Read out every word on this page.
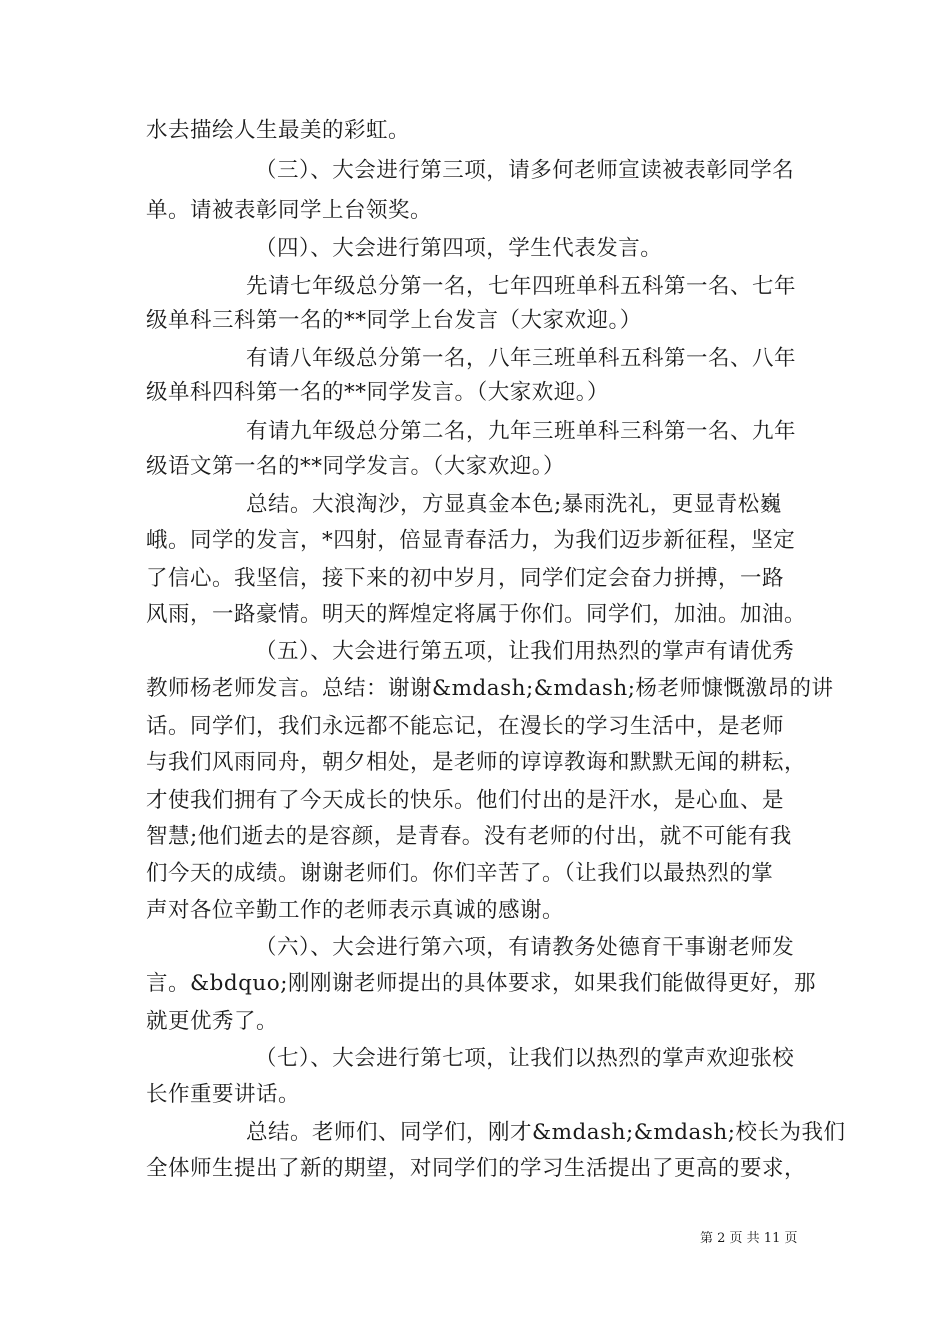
水去描绘人生最美的彩虹。
（三）、大会进行第三项，请多何老师宣读被表彰同学名
单。请被表彰同学上台领奖。
（四）、大会进行第四项，学生代表发言。
先请七年级总分第一名，七年四班单科五科第一名、七年
级单科三科第一名的**同学上台发言（大家欢迎。）
有请八年级总分第一名，八年三班单科五科第一名、八年
级单科四科第一名的**同学发言。（大家欢迎。）
有请九年级总分第二名，九年三班单科三科第一名、九年
级语文第一名的**同学发言。（大家欢迎。）
总结。大浪淘沙，方显真金本色;暴雨洗礼，更显青松巍
峨。同学的发言，*四射，倍显青春活力，为我们迈步新征程，坚定
了信心。我坚信，接下来的初中岁月，同学们定会奋力拼搏，一路
风雨，一路豪情。明天的辉煌定将属于你们。同学们，加油。加油。
（五）、大会进行第五项，让我们用热烈的掌声有请优秀
教师杨老师发言。总结：谢谢&mdash;&mdash;杨老师慷慨激昂的讲
话。同学们，我们永远都不能忘记，在漫长的学习生活中，是老师
与我们风雨同舟，朝夕相处，是老师的谆谆教诲和默默无闻的耕耘，
才使我们拥有了今天成长的快乐。他们付出的是汗水，是心血、是
智慧;他们逝去的是容颜，是青春。没有老师的付出，就不可能有我
们今天的成绩。谢谢老师们。你们辛苦了。（让我们以最热烈的掌
声对各位辛勤工作的老师表示真诚的感谢。
（六）、大会进行第六项，有请教务处德育干事谢老师发
言。&bdquo;刚刚谢老师提出的具体要求，如果我们能做得更好，那
就更优秀了。
（七）、大会进行第七项，让我们以热烈的掌声欢迎张校
长作重要讲话。
总结。老师们、同学们，刚才&mdash;&mdash;校长为我们
全体师生提出了新的期望，对同学们的学习生活提出了更高的要求，
第 2 页 共 11 页
